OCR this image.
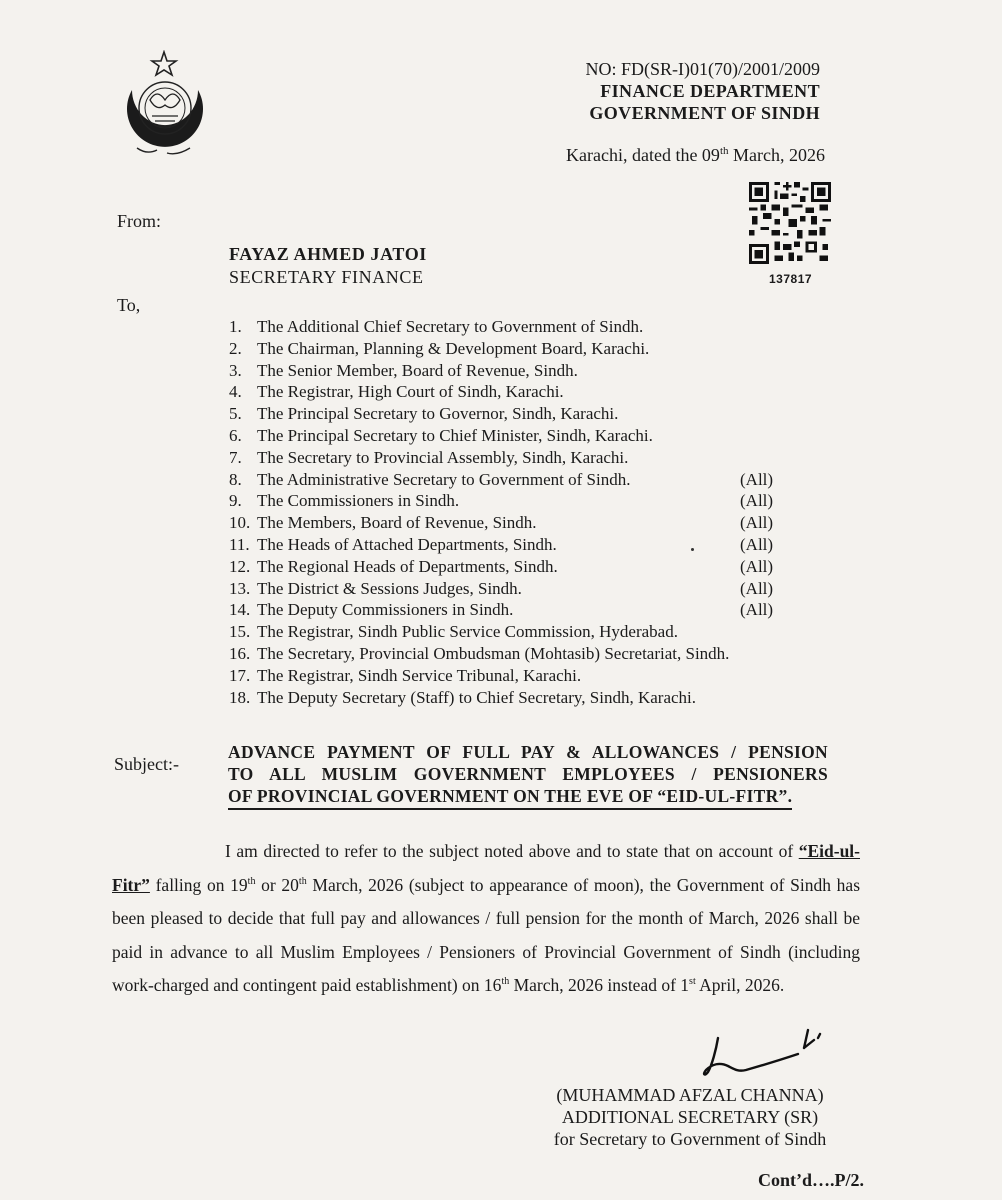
NO: FD(SR-I)01(70)/2001/2009
FINANCE DEPARTMENT
GOVERNMENT OF SINDH
Karachi, dated the 09th March, 2026
137817
From:
FAYAZ AHMED JATOI
SECRETARY FINANCE
To,
1. The Additional Chief Secretary to Government of Sindh.
2. The Chairman, Planning & Development Board, Karachi.
3. The Senior Member, Board of Revenue, Sindh.
4. The Registrar, High Court of Sindh, Karachi.
5. The Principal Secretary to Governor, Sindh, Karachi.
6. The Principal Secretary to Chief Minister, Sindh, Karachi.
7. The Secretary to Provincial Assembly, Sindh, Karachi.
8. The Administrative Secretary to Government of Sindh.	(All)
9. The Commissioners in Sindh.	(All)
10. The Members, Board of Revenue, Sindh.	(All)
11. The Heads of Attached Departments, Sindh.	(All)
12. The Regional Heads of Departments, Sindh.	(All)
13. The District & Sessions Judges, Sindh.	(All)
14. The Deputy Commissioners in Sindh.	(All)
15. The Registrar, Sindh Public Service Commission, Hyderabad.
16. The Secretary, Provincial Ombudsman (Mohtasib) Secretariat, Sindh.
17. The Registrar, Sindh Service Tribunal, Karachi.
18. The Deputy Secretary (Staff) to Chief Secretary, Sindh, Karachi.
Subject:-
ADVANCE PAYMENT OF FULL PAY & ALLOWANCES / PENSION
TO ALL MUSLIM GOVERNMENT EMPLOYEES / PENSIONERS
OF PROVINCIAL GOVERNMENT ON THE EVE OF “EID-UL-FITR”.
I am directed to refer to the subject noted above and to state that on account of “Eid-ul-Fitr” falling on 19th or 20th March, 2026 (subject to appearance of moon), the Government of Sindh has been pleased to decide that full pay and allowances / full pension for the month of March, 2026 shall be paid in advance to all Muslim Employees / Pensioners of Provincial Government of Sindh (including work-charged and contingent paid establishment) on 16th March, 2026 instead of 1st April, 2026.
(MUHAMMAD AFZAL CHANNA)
ADDITIONAL SECRETARY (SR)
for Secretary to Government of Sindh
Cont’d….P/2.
